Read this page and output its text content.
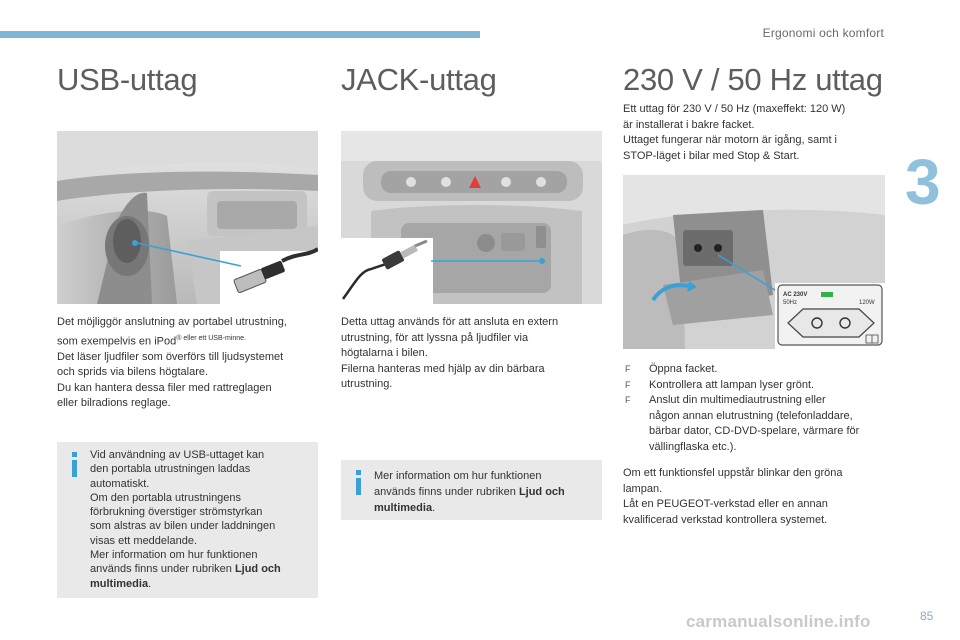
Ergonomi och komfort
3
USB-uttag

Det möjliggör anslutning av portabel utrustning,

som exempelvis en iPod$^{® eller ett USB-minne.}$

Det läser ljudfiler som överförs till ljudsystemet

och sprids via bilens högtalare.

Du kan hantera dessa filer med rattreglagen

eller bilradions reglage.

Vid användning av USB-uttaget kan
den portabla utrustningen laddas
automatiskt.
Om den portabla utrustningens
förbrukning överstiger strömstyrkan
som alstras av bilen under laddningen
visas ett meddelande.
Mer information om hur funktionen
används finns under rubriken Ljud och
multimedia.
JACK-uttag

Detta uttag används för att ansluta en extern

utrustning, för att lyssna på ljudfiler via

högtalarna i bilen.

Filerna hanteras med hjälp av din bärbara

utrustning.

Mer information om hur funktionen
används finns under rubriken Ljud och
multimedia.
230 V / 50 Hz uttag

Ett uttag för 230 V / 50 Hz (maxeffekt: 120 W)

är installerat i bakre facket.

Uttaget fungerar när motorn är igång, samt i

STOP-läget i bilar med Stop & Start.

AC 230V
50Hz	120W
F Öppna facket.
F Kontrollera att lampan lyser grönt.
F Anslut din multimediautrustning eller
någon annan elutrustning (telefonladdare,
bärbar dator, CD-DVD-spelare, värmare för
vällingflaska etc.).

Om ett funktionsfel uppstår blinkar den gröna

lampan.

Låt en PEUGEOT-verkstad eller en annan

kvalificerad verkstad kontrollera systemet.

carmanualsonline.info	85
